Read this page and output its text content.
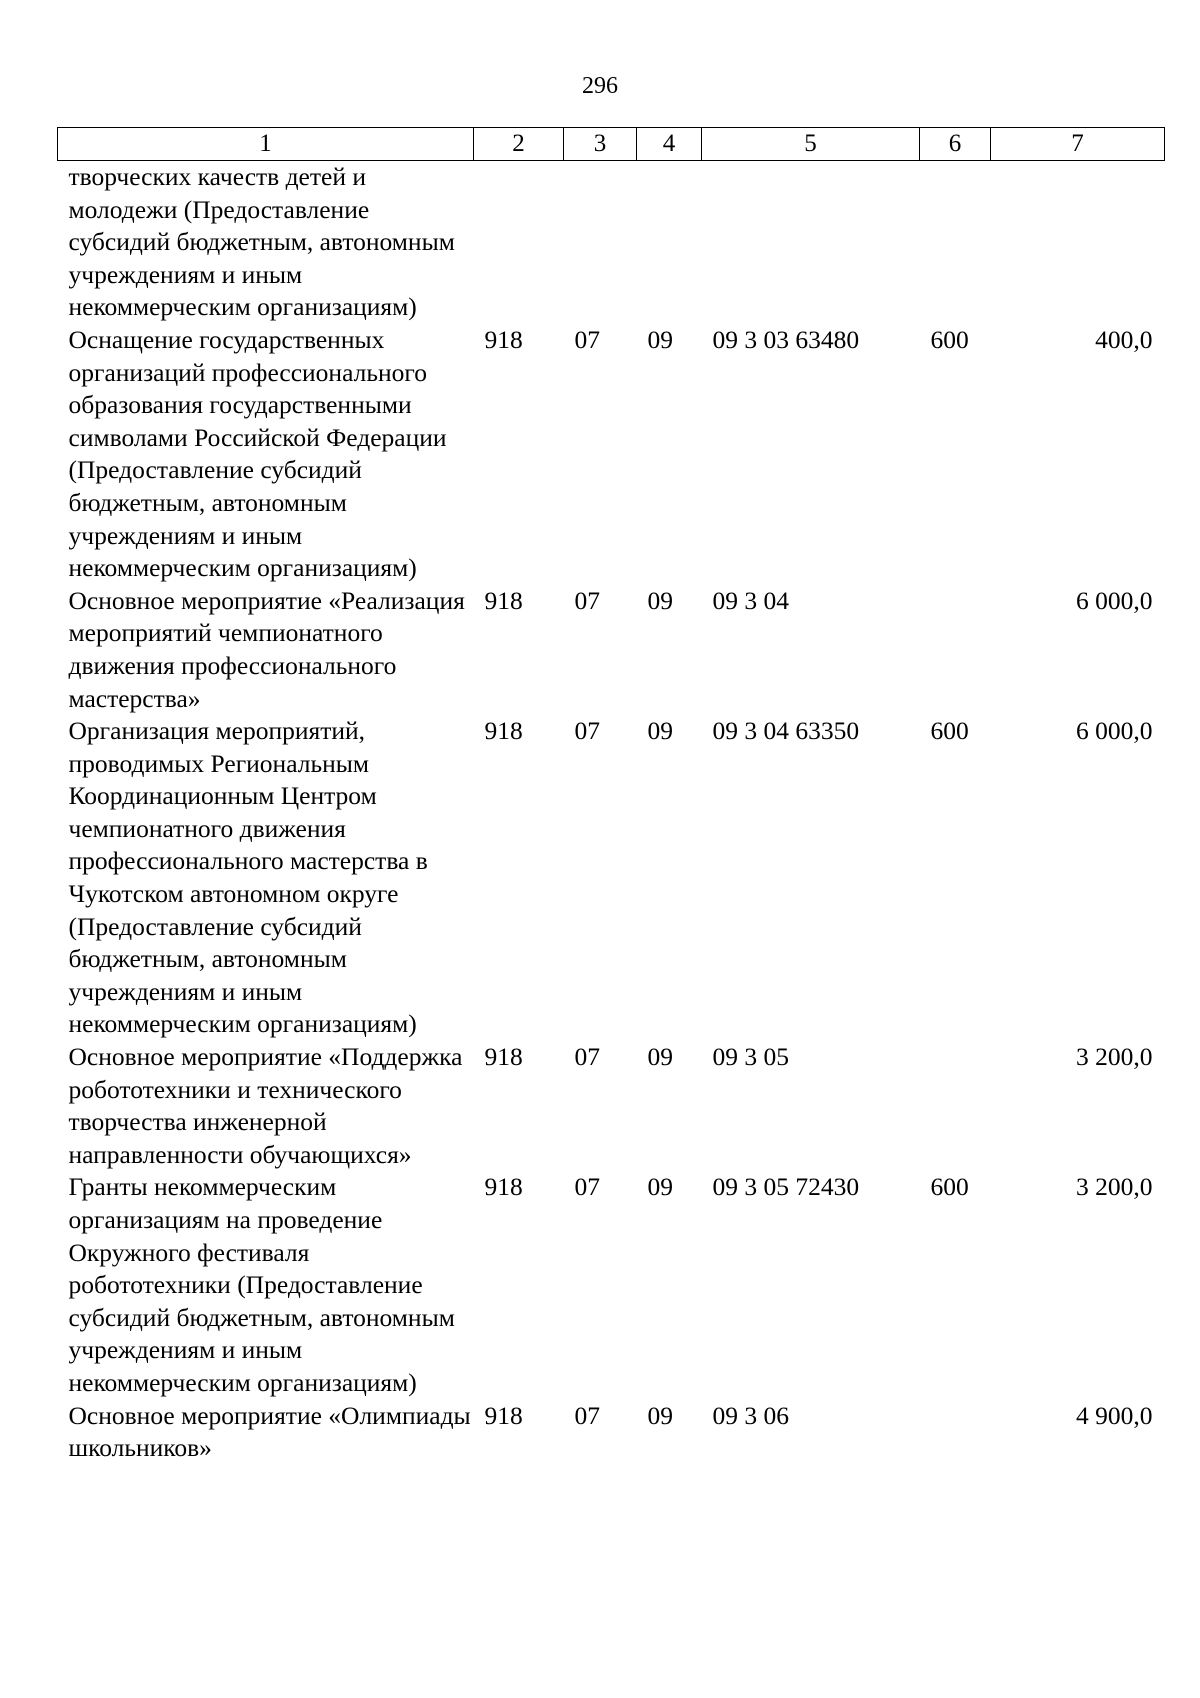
296
1	2	3	4	5	6	7
творческих качеств детей и молодежи (Предоставление субсидий бюджетным, автономным учреждениям и иным некоммерческим организациям)						
Оснащение государственных организаций профессионального образования государственными символами Российской Федерации (Предоставление субсидий бюджетным, автономным учреждениям и иным некоммерческим организациям)	918	07	09	09 3 03 63480	600	400,0
Основное мероприятие «Реализация мероприятий чемпионатного движения профессионального мастерства»	918	07	09	09 3 04		6 000,0
Организация мероприятий, проводимых Региональным Координационным Центром чемпионатного движения профессионального мастерства в Чукотском автономном округе (Предоставление субсидий бюджетным, автономным учреждениям и иным некоммерческим организациям)	918	07	09	09 3 04 63350	600	6 000,0
Основное мероприятие «Поддержка робототехники и технического творчества инженерной направленности обучающихся»	918	07	09	09 3 05		3 200,0
Гранты некоммерческим организациям на проведение Окружного фестиваля робототехники (Предоставление субсидий бюджетным, автономным учреждениям и иным некоммерческим организациям)	918	07	09	09 3 05 72430	600	3 200,0
Основное мероприятие «Олимпиады школьников»	918	07	09	09 3 06		4 900,0
